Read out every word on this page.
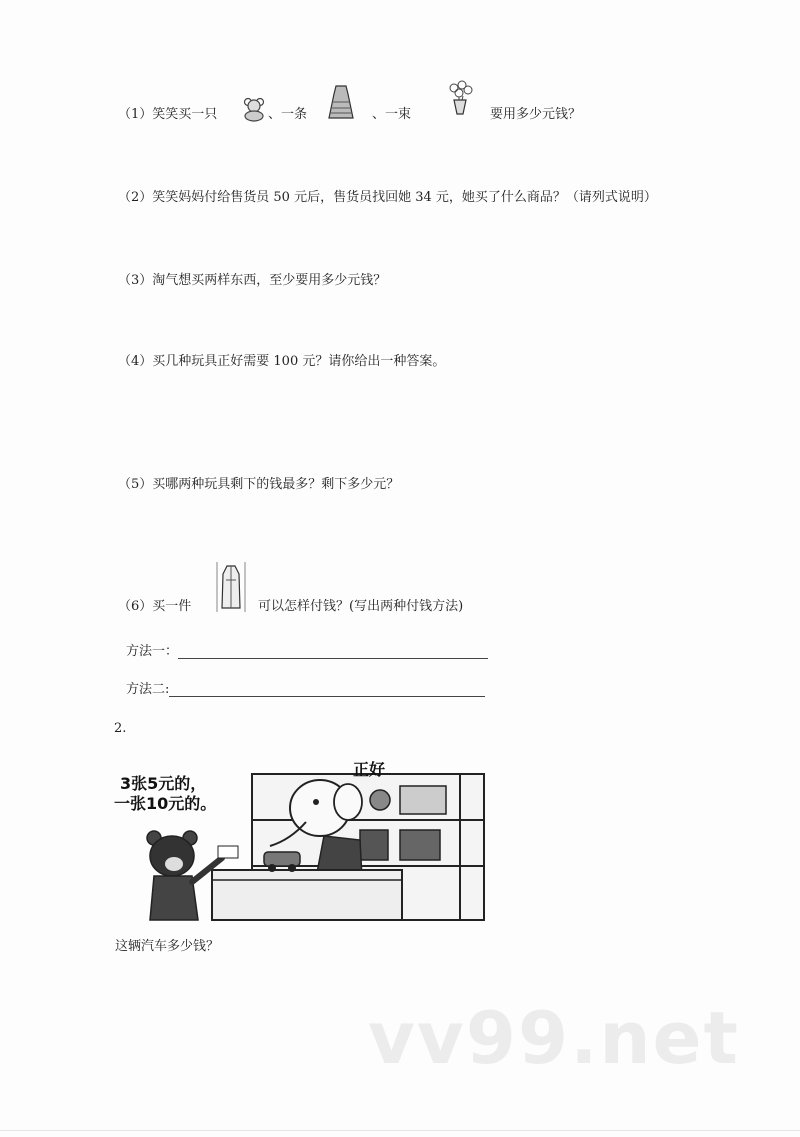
（1）笑笑买一只	、一条	、一束	要用多少元钱？
（2）笑笑妈妈付给售货员 50 元后，售货员找回她 34 元，她买了什么商品？（请列式说明）
（3）淘气想买两样东西，至少要用多少元钱？
（4）买几种玩具正好需要 100 元？请你给出一种答案。
（5）买哪两种玩具剩下的钱最多？剩下多少元？
（6）买一件	可以怎样付钱？(写出两种付钱方法)
方法一：
方法二:
2.
3张5元的，
一张10元的。
正好
这辆汽车多少钱？
vv99.net
